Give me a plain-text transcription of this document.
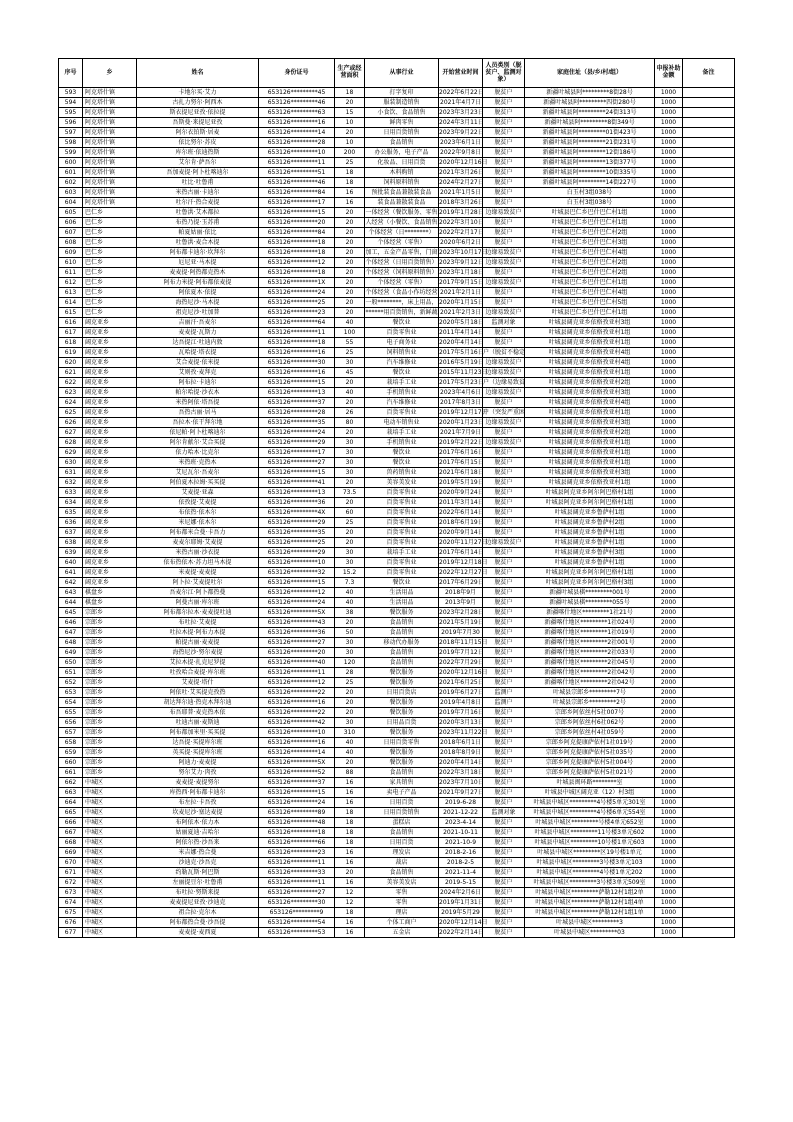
序号	乡	姓名	身份证号	生产或经营面积	从事行业	开始营业时间	人员类别（脱贫户、监测对象）	家庭住址（县/乡/村/组）	申报补助金额	备注
593	阿克塔什镇	卡地尔买·艾力	653126*********45	18	打字复印	2022年6月22日	脱贫户	新疆叶城县阿*********8街28号	1000	
594	阿克塔什镇	古扎力努尔·阿西木	653126*********46	20	服装制造销售	2021年4月7日	脱贫户	新疆叶城县阿*********四街280号	1000	
595	阿克塔什镇	斯衣提尼亚孜·依拉提	653126*********63	15	小食饮、食品销售	2023年3月23日	脱贫户	新疆叶城县阿*********24街313号	1000	
596	阿克塔什镇	吾斯曼·来提尼亚孜	653126*********16	10	鲜肉零售	2024年3月11日	脱贫户	新疆叶城县阿*********8街349号	1000	
597	阿克塔什镇	阿尔衣铂斯·居麦	653126*********14	20	日用百货销售	2023年9月22日	脱贫户	新疆叶城县阿*********01街423号	1000	
598	阿克塔什镇	依比努尔·苏皮	653126*********28	10	食品销售	2023年6月1日	脱贫户	新疆叶城县阿*********21街231号	1000	
599	阿克塔什镇	库尔班·依迪热斯	653126*********10	200	办公服务，电子产品	2022年9月8日	脱贫户	新疆叶城县阿*********12街186号	1000	
600	阿克塔什镇	艾尔肯·萨吾尔	653126*********11	25	化妆品、日用百货	2020年12月16日	脱贫户	新疆叶城县阿*********13街377号	1000	
601	阿克塔什镇	吾加麦提·阿卜杜喀迪尔	653126*********51	18	木料购销	2021年3月26日	脱贫户	新疆叶城县阿*********10街335号	1000	
602	阿克塔什镇	吐比·吐鲁甫	653126*********46	18	饲料原料销售	2024年2月27日	脱贫户	新疆叶城县阿*********14街227号	1000	
603	阿克塔什镇	米热古丽·卡迪尔	653126*********84	16	预批装食品兼散装食品	2021年1月5日	脱贫户	白玉村3组038号	1000	
604	阿克塔什镇	吐尔汗·热合麦提	653126*********17	16	装食品兼散装食品	2018年3月26日	脱贫户	白玉村3组038号	1000	
605	巴仁乡	吐鲁洪·艾木都拉	653126*********15	20	一体经营（餐饮服务、零售	2019年1月28日	边缘易致贫户	叶城县巴仁乡巴什巴仁村1组	1000	
606	巴仁乡	布热乃提·玉苏甫	653126*********20	20	人经营（小餐饮、食品销售	2022年3月10日	脱贫户	叶城县巴仁乡巴什巴仁村1组	1000	
607	巴仁乡	帕夏姑丽·依比	653126*********84	20	个体经营（日********）	2022年2月17日	脱贫户	叶城县巴仁乡巴什巴仁村2组	1000	
608	巴仁乡	吐鲁洪·麦合木提	653126*********18	20	个体经营（零售）	2020年6月2日	脱贫户	叶城县巴仁乡巴什巴仁村3组	1000	
609	巴仁乡	阿布都卡迪尔·坎拜尔	653126*********18	20	加工，五金产品零售，门窗	2023年10月17日	边缘易致贫户	叶城县巴仁乡巴什巴仁村4组	1000	
610	巴仁乡	厄尼亚·马木提	653126*********12	20	个体经营（日用百货销售）	2023年9月12日	边缘易致贫户	叶城县巴仁乡巴什巴仁村2组	1000	
611	巴仁乡	麦麦提·阿热都克热木	653126*********18	20	个体经营（饲料原料销售）	2023年1月18日	脱贫户	叶城县巴仁乡巴什巴仁村2组	1000	
612	巴仁乡	阿布力米提·阿布都依麦提	653126*********1X	20	个体经营（零售）	2017年9月15日	边缘易致贫户	叶城县巴仁乡巴什巴仁村1组	1000	
613	巴仁乡	阿依夏木·依提	653126*********24	20	个体经营（食品小作坊经营	2021年2月1日	脱贫户	叶城县巴仁乡巴什巴仁村4组	1000	
614	巴仁乡	海热尼沙·马木提	653126*********25	20	一般********，床上用品，	2020年1月15日	脱贫户	叶城县巴仁乡巴什巴仁村5组	1000	
615	巴仁乡	祖克尼沙·吐加普	653126*********23	20	******用百货销售，新鲜蔬	2021年2月3日	边缘易致贫户	叶城县巴仁乡巴什巴仁村1组	1000	
616	阔克亚乡	吉丽汗·吾麦尔	653126*********64	40	餐饮业	2020年5月18日	监测对象	叶城县阔克亚乡依格孜亚村3组	1000	
617	阔克亚乡	麦麦提·瓦斯力	653126*********11	100	百货零售业	2011年4月14日	脱贫户	叶城县阔克亚乡依格孜亚村1组	1000	
618	阔克亚乡	达吾提江·吐迪内敦	653126*********18	55	电子商务业	2020年4月14日	脱贫户	叶城县阔克亚乡依格孜亚村1组	1000	
619	阔克亚乡	瓦哈提·塔衣提	653126*********16	25	饲料销售业	2017年5月16日	户（脱贫不稳定	叶城县阔克亚乡依格孜亚村4组	1000	
620	阔克亚乡	艾合麦提·依米提	653126*********30	30	汽车维修业	2016年5月19日	边缘易致贫户	叶城县阔克亚乡依格孜亚村4组	1000	
621	阔克亚乡	艾则孜·麦拜克	653126*********16	45	餐饮业	2015年11月23日	边缘易致贫户	叶城县阔克亚乡依格孜亚村1组	1000	
622	阔克亚乡	阿布拉·卡迪尔	653126*********15	20	栽培手工业	2017年5月23日	户（边缘易致贫	叶城县阔克亚乡依格孜亚村2组	1000	
623	阔克亚乡	帕尔哈提·沙衣木	653126*********13	40	手机销售业	2023年4月6日	边缘易致贫户	叶城县阔克亚乡依格孜亚村3组	1000	
624	阔克亚乡	米热阿依·塔吾提	653126*********37	20	汽车维修业	2017年8月3日	脱贫户	叶城县阔克亚乡依格孜亚村4组	1000	
625	阔克亚乡	吾热古丽·居马	653126*********28	26	百货零售业	2019年12月17日	户（突发严重困	叶城县阔克亚乡依格孜亚村1组	1000	
626	阔克亚乡	吾拉木·依干拜尔地	653126*********35	80	电动车销售业	2020年1月23日	边缘易致贫户	叶城县阔克亚乡依格孜亚村3组	1000	
627	阔克亚乡	依尼帕·阿卜杜喀迪尔	653126*********24	20	栽培手工业	2021年7月9日	脱贫户	叶城县阔克亚乡依格孜亚村2组	1000	
628	阔克亚乡	阿尔肯献尔·艾合买提	653126*********29	30	手机销售业	2019年2月22日	边缘易致贫户	叶城县阔克亚乡依格孜亚村1组	1000	
629	阔克亚乡	依力哈木·比克尔	653126*********17	30	餐饮业	2017年6月16日	脱贫户	叶城县阔克亚乡依格孜亚村1组	1000	
630	阔克亚乡	米热班·克热木	653126*********27	30	餐饮业	2017年6月15日	脱贫户	叶城县阔克亚乡依格孜亚村1组	1000	
631	阔克亚乡	艾尼瓦尔·吾麦尔	653126*********15	30	兽药销售业	2021年6月18日	脱贫户	叶城县阔克亚乡依格孜亚村3组	1000	
632	阔克亚乡	阿伯夏木拉姆·买买提	653126*********41	20	美容美发业	2019年5月19日	脱贫户	叶城县阔克亚乡依格孜亚村1组	1000	
633	阔克亚乡	艾麦提·亚森	653126*********13	73.5	百货零售业	2020年9月24日	脱贫户	叶城县阿克亚乡阿尔阿巴格村1组	1000	
634	阔克亚乡	依孜提·艾麦提	653126*********36	20	百货零售业	2011年3月14日	脱贫户	叶城县阿克亚乡阿尔阿巴格村1组	1000	
635	阔克亚乡	布依热·依木尔	653126*********4X	60	百货零售业	2022年6月14日	脱贫户	叶城县阔克亚乡鲁萨村1组	1000	
636	阔克亚乡	米尼娜·依木尔	653126*********29	25	百货零售业	2018年6月19日	脱贫户	叶城县阔克亚乡鲁萨村2组	1000	
637	阔克亚乡	阿布都米合曼·卡吾力	653126*********35	20	百货零售业	2020年9月14日	脱贫户	叶城县阔克亚乡鲁萨村1组	1000	
638	阔克亚乡	麦麦尔耶姆·艾麦提	653126*********25	20	百货零售业	2020年11月27日	边缘易致贫户	叶城县阔克亚乡鲁萨村1组	1000	
639	阔克亚乡	米热古丽·沙衣提	653126*********29	30	栽培手工业	2017年6月14日	脱贫户	叶城县阔克亚乡鲁萨村3组	1000	
640	阔克亚乡	依布热依木·苏力坦马木提	653126*********10	30	百货零售业	2019年12月18日	脱贫户	叶城县阔克亚乡鲁萨村1组	1000	
641	阔克亚乡	米麦提·麦麦提	653126*********32	15.2	百货零售业	2022年12月27日	脱贫户	叶城县阿克亚乡阿尔阿巴格村1组	1000	
642	阔克亚乡	阿卜拉·艾麦提吐尔	653126*********15	7.3	餐饮业	2017年6月29日	脱贫户	叶城县阿克亚乡阿尔阿巴格村3组	1000	
643	棋盘乡	吾麦尔江·阿卜都热曼	653126*********12	40	生活用品	2018年9月	脱贫户	新疆叶城县棋*********001号	2000	
644	棋盘乡	阿曼古丽·库尔班	653126*********24	40	生活用品	2013年9月	脱贫户	新疆叶城县棋*********055号	2000	
645	宗郎乡	阿布都尔拉木·麦麦提吐迪	653126*********5X	38	餐饮服务	2023年2月28日	脱贫户	新疆喀什地区*********1社21号	2000	
646	宗郎乡	布吐拉·艾麦提	653126*********43	20	食品销售	2021年5月19日	脱贫户	新疆喀什地区*********1社024号	2000	
647	宗郎乡	吐拉木提·阿布力木提	653126*********36	50	食品销售	2019年7月30	脱贫户	新疆喀什地区*********1社019号	2000	
648	宗郎乡	帕提古丽·麦麦提	653126*********27	30	移动代办服务	2018年11月15日	脱贫户	新疆喀什地区*********2社001号	2000	
649	宗郎乡	海热尼沙·努尔麦提	653126*********20	30	食品销售	2019年7月12日	脱贫户	新疆喀什地区*********2社033号	2000	
650	宗郎乡	艾拉木提·扎克尼罗提	653126*********40	120	食品销售	2022年7月29日	脱贫户	新疆喀什地区*********2社045号	2000	
651	宗郎乡	吐孜哈合麦提·库尔班	653126*********11	28	餐饮服务	2020年12月16日	脱贫户	新疆喀什地区*********2社042号	2000	
652	宗郎乡	艾麦提·塔什	653126*********12	25	餐饮服务	2021年6月25日	脱贫户	新疆喀什地区*********2社042号	2000	
653	宗郎乡	阿依吐·艾买提克孜热	653126*********22	20	日用百货店	2019年6月27日	监测户	叶城县宗郎乡*********7号	2000	
654	宗郎乡	胡达拜尔迪·热克木拜尔迪	653126*********16	20	餐饮服务	2019年4月8日	监测户	叶城县宗郎乡*********2号	2000	
655	宗郎乡	布吾耶普·麦克热木依	653126*********22	20	餐饮服务	2019年7月16日	脱贫户	宗郎乡阿依丝村5社007号	2000	
656	宗郎乡	吐迪古丽·麦斯迪	653126*********42	30	日用品百货	2020年3月13日	脱贫户	宗郎乡阿依丝村6社062号	2000	
657	宗郎乡	阿布都加米里·买买提	653126*********10	310	餐饮服务	2023年11月22日	脱贫户	宗郎乡阿依丝村4社059号	2000	
658	宗郎乡	达吾提·买提库尔班	653126*********16	40	日用百货零售	2018年6月1日	脱贫户	宗郎乡阿克提康萨依村1社019号	2000	
659	宗郎乡	英买提·买提库尔班	653126*********14	40	餐饮服务	2018年8月9日	脱贫户	宗郎乡阿克提康萨依村5社035号	2000	
660	宗郎乡	阿迪力·麦麦提	653126*********5X	20	餐饮服务	2020年4月14日	脱贫户	宗郎乡阿克提康萨依村5社004号	2000	
661	宗郎乡	努尔艾力·肉孜	653126*********52	88	食品销售	2022年3月18日	脱贫户	宗郎乡阿克提康萨依村5社021号	2000	
662	中城区	麦麦提·麦提努尔	653126*********37	16	家具销售	2023年7月10日	脱贫户	叶城县闽环路********室	1000	
663	中城区	库热西·阿布都卡迪尔	653126*********15	16	卖电子产品	2021年9月27日	脱贫户	叶城县中城区阔克亚（12）村3组	1000	
664	中城区	布左拉·卡吾孜	653126*********24	16	日用百货	2019-6-28	脱贫户	叶城县中城区*********4号楼5单元301室	1000	
665	中城区	坎麦尼沙·塞达麦提	653126*********89	18	日用百货销售	2021-12-22	监测对象	叶城县中城区*********4号楼6单元554室	1000	
666	中城区	布阿依木·依力木	653126*********48	18	蛋糕店	2023-4-14	脱贫户	叶城县中城区*********号楼4单元652室	1000	
667	中城区	姑丽夏迪·吉哈尔	653126*********18	18	食品销售	2021-10-11	脱贫户	叶城县中城区*********11号楼3单元602	1000	
668	中城区	阿依尔热·沙吾来	653126*********66	18	日用百货	2021-10-9	脱贫户	叶城县中城区*********10号楼1单元603	1000	
669	中城区	米吉娜·热合曼	653126*********23	16	理发店	2018-2-16	脱贫户	叶城县中城区*********区19号楼1单元	1000	
670	中城区	沙迪克·沙吾克	653126*********11	16	裁店	2018-2-5	脱贫户	叶城县中城区*********3号楼3单元103	1000	
671	中城区	约勒瓦斯·阿巴斯	653126*********33	20	食品销售	2021-11-4	脱贫户	叶城县中城区*********4号楼1单元202	1000	
672	中城区	左丽提豆尔·吐鲁甫	653126*********11	16	美容美发店	2019-5-15	脱贫户	叶城县中城区*********3号楼3单元509室	1000	
673	中城区	布吐拉·努斯来提	653126*********27	12	零售	2024年2月6日	脱贫户	叶城县中城区*********萨勒12村1组2单	1000	
674	中城区	麦麦提尼亚孜·沙迪克	653126*********30	12	零售	2019年1月31日	脱贫户	叶城县中城区*********萨勒12村1组4单	1000	
675	中城区	祖合拉·克尔木	653126*********9	18	理店	2019年5月29	脱贫户	叶城县中城区*********萨勒12村1组1单	1000	
676	中城区	阿布都热合曼·沙吾提	653126*********54	16	个体工商户	2020年12月14日	脱贫户	叶城县中城区*********3	1000	
677	中城区	麦麦提·麦西夏	653126*********53	16	五金店	2022年2月14日	脱贫户	叶城县中城区*********03	1000	
